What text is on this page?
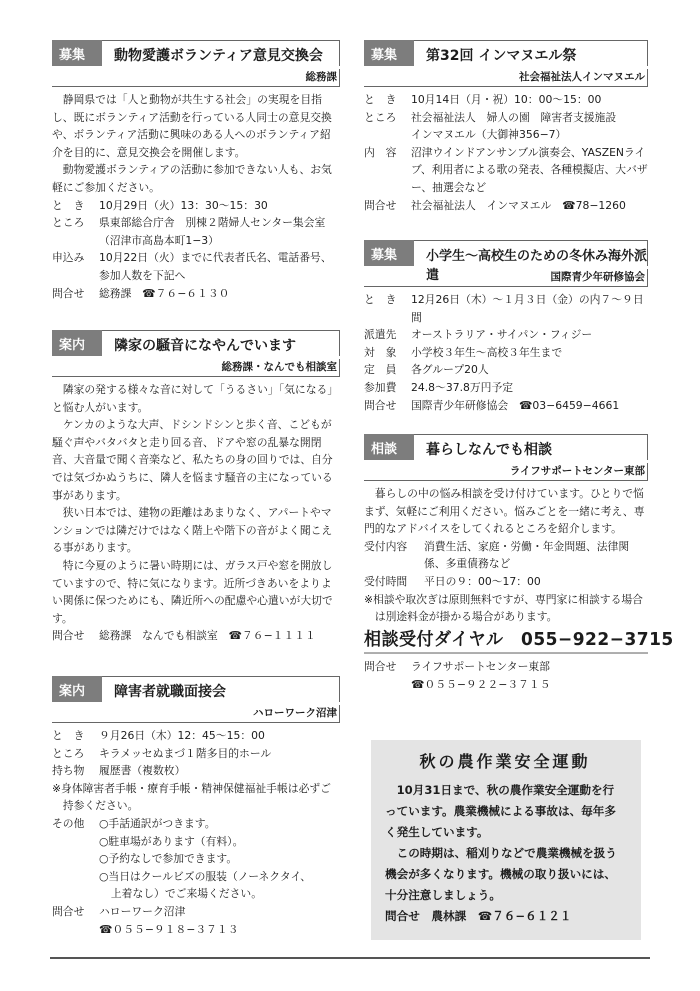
募集	動物愛護ボランティア意見交換会
総務課
静岡県では「人と動物が共生する社会」の実現を目指し、既にボランティア活動を行っている人同士の意見交換や、ボランティア活動に興味のある人へのボランティア紹介を目的に、意見交換会を開催します。
動物愛護ボランティアの活動に参加できない人も、お気軽にご参加ください。
と　き	10月29日（火）13：30～15：30
ところ	県東部総合庁舎　別棟２階婦人センター集会室（沼津市高島本町1−3）
申込み	10月22日（火）までに代表者氏名、電話番号、参加人数を下記へ
問合せ	総務課　☎７６−６１３０
案内	隣家の騒音になやんでいます
総務課・なんでも相談室
隣家の発する様々な音に対して「うるさい」「気になる」と悩む人がいます。
ケンカのような大声、ドシンドシンと歩く音、こどもが騒ぐ声やバタバタと走り回る音、ドアや窓の乱暴な開閉音、大音量で聞く音楽など、私たちの身の回りでは、自分では気づかぬうちに、隣人を悩ます騒音の主になっている事があります。
狭い日本では、建物の距離はあまりなく、アパートやマンションでは隣だけではなく階上や階下の音がよく聞こえる事があります。
特に今夏のように暑い時期には、ガラス戸や窓を開放していますので、特に気になります。近所づきあいをよりよい関係に保つためにも、隣近所への配慮や心遣いが大切です。
問合せ	総務課　なんでも相談室　☎７６−１１１１
案内	障害者就職面接会
ハローワーク沼津
と　き	９月26日（木）12：45～15：00
ところ	キラメッセぬまづ１階多目的ホール
持ち物	履歴書（複数枚）
※身体障害者手帳・療育手帳・精神保健福祉手帳は必ずご持参ください。
その他	○手話通訳がつきます。
○駐車場があります（有料）。
○予約なしで参加できます。
○当日はクールビズの服装（ノーネクタイ、
上着なし）でご来場ください。
問合せ	ハローワーク沼津
☎０５５−９１８−３７１３
募集	第32回 インマヌエル祭
社会福祉法人インマヌエル
と　き	10月14日（月・祝）10：00～15：00
ところ	社会福祉法人　婦人の園　障害者支援施設
インマヌエル（大御神356−7）
内　容	沼津ウインドアンサンブル演奏会、YASZENライブ、利用者による歌の発表、各種模擬店、大バザー、抽選会など
問合せ	社会福祉法人　インマヌエル　☎78−1260
募集	小学生～高校生のための冬休み海外派遣	国際青少年研修協会
と　き	12月26日（木）～１月３日（金）の内７～９日間
派遣先	オーストラリア・サイパン・フィジー
対　象	小学校３年生～高校３年生まで
定　員	各グループ20人
参加費	24.8～37.8万円予定
問合せ	国際青少年研修協会　☎03−6459−4661
相談	暮らしなんでも相談
ライフサポートセンター東部
暮らしの中の悩み相談を受け付けています。ひとりで悩まず、気軽にご利用ください。悩みごとを一緒に考え、専門的なアドバイスをしてくれるところを紹介します。
受付内容	消費生活、家庭・労働・年金問題、法律関係、多重債務など
受付時間	平日の９：00～17：00
※相談や取次ぎは原則無料ですが、専門家に相談する場合は別途料金が掛かる場合があります。
相談受付ダイヤル　055−922−3715
問合せ	ライフサポートセンター東部
☎０５５−９２２−３７１５
秋の農作業安全運動
10月31日まで、秋の農作業安全運動を行っています。農業機械による事故は、毎年多く発生しています。
この時期は、稲刈りなどで農業機械を扱う機会が多くなります。機械の取り扱いには、十分注意しましょう。
問合せ　農林課　☎７６−６１２１
